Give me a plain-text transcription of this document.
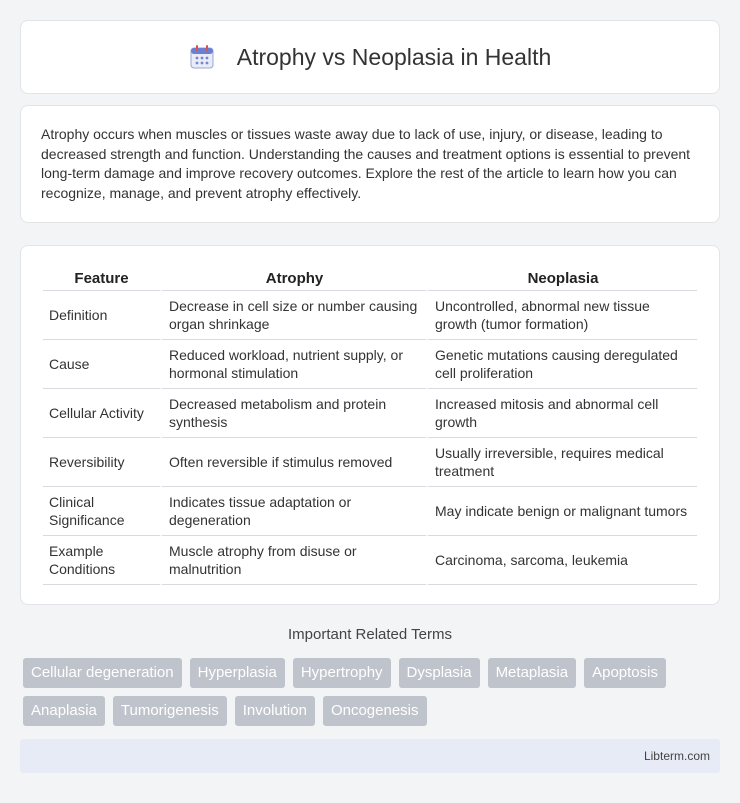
Atrophy vs Neoplasia in Health

Atrophy occurs when muscles or tissues waste away due to lack of use, injury, or disease, leading to decreased strength and function. Understanding the causes and treatment options is essential to prevent long-term damage and improve recovery outcomes. Explore the rest of the article to learn how you can recognize, manage, and prevent atrophy effectively.

Feature	Atrophy	Neoplasia
Definition	Decrease in cell size or number causing organ shrinkage	Uncontrolled, abnormal new tissue growth (tumor formation)
Cause	Reduced workload, nutrient supply, or hormonal stimulation	Genetic mutations causing deregulated cell proliferation
Cellular Activity	Decreased metabolism and protein synthesis	Increased mitosis and abnormal cell growth
Reversibility	Often reversible if stimulus removed	Usually irreversible, requires medical treatment
Clinical Significance	Indicates tissue adaptation or degeneration	May indicate benign or malignant tumors
Example Conditions	Muscle atrophy from disuse or malnutrition	Carcinoma, sarcoma, leukemia
Important Related Terms
Cellular degeneration	Hyperplasia	Hypertrophy	Dysplasia	Metaplasia	Apoptosis
Anaplasia	Tumorigenesis	Involution	Oncogenesis
Libterm.com
